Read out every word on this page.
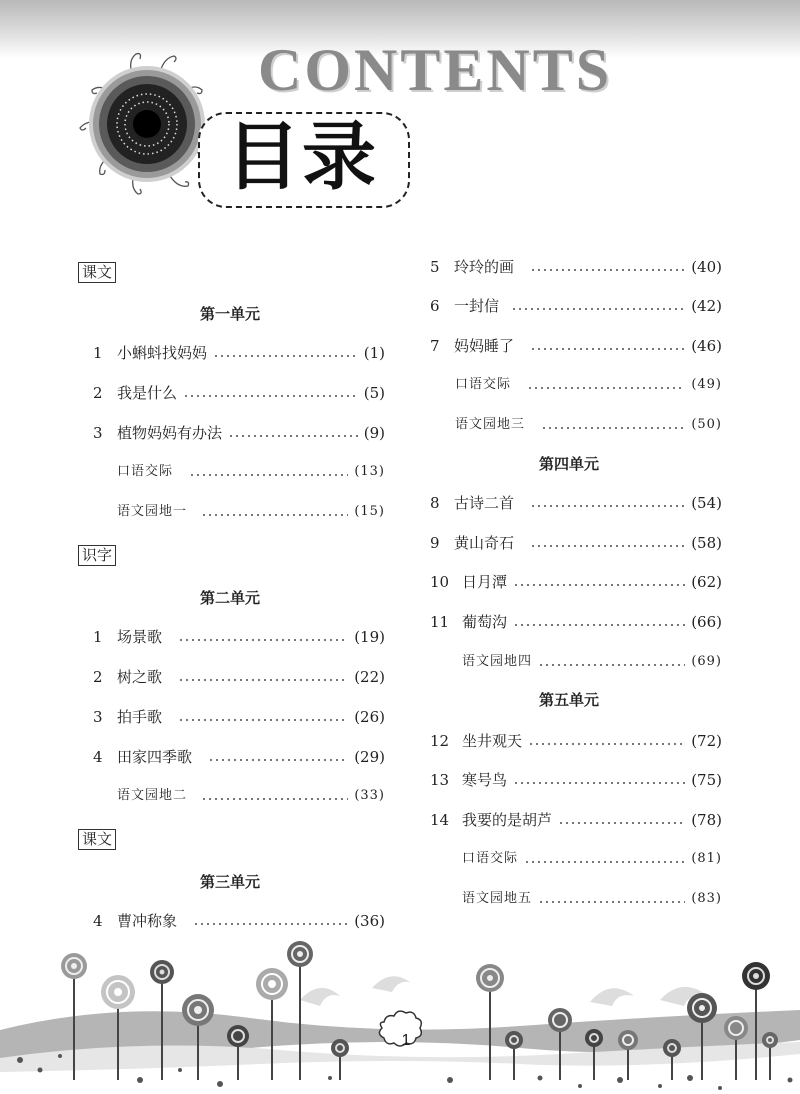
CONTENTS
目录
课文
第一单元
1 小蝌蚪找妈妈	(1)
2 我是什么	(5)
3 植物妈妈有办法	(9)
口语交际	(13)
语文园地一	(15)
识字
第二单元
1 场景歌	(19)
2 树之歌	(22)
3 拍手歌	(26)
4 田家四季歌	(29)
语文园地二	(33)
课文
第三单元
4 曹冲称象	(36)
5 玲玲的画	(40)
6 一封信	(42)
7 妈妈睡了	(46)
口语交际	(49)
语文园地三	(50)
第四单元
8 古诗二首	(54)
9 黄山奇石	(58)
10 日月潭	(62)
11 葡萄沟	(66)
语文园地四	(69)
第五单元
12 坐井观天	(72)
13 寒号鸟	(75)
14 我要的是胡芦	(78)
口语交际	(81)
语文园地五	(83)
1
